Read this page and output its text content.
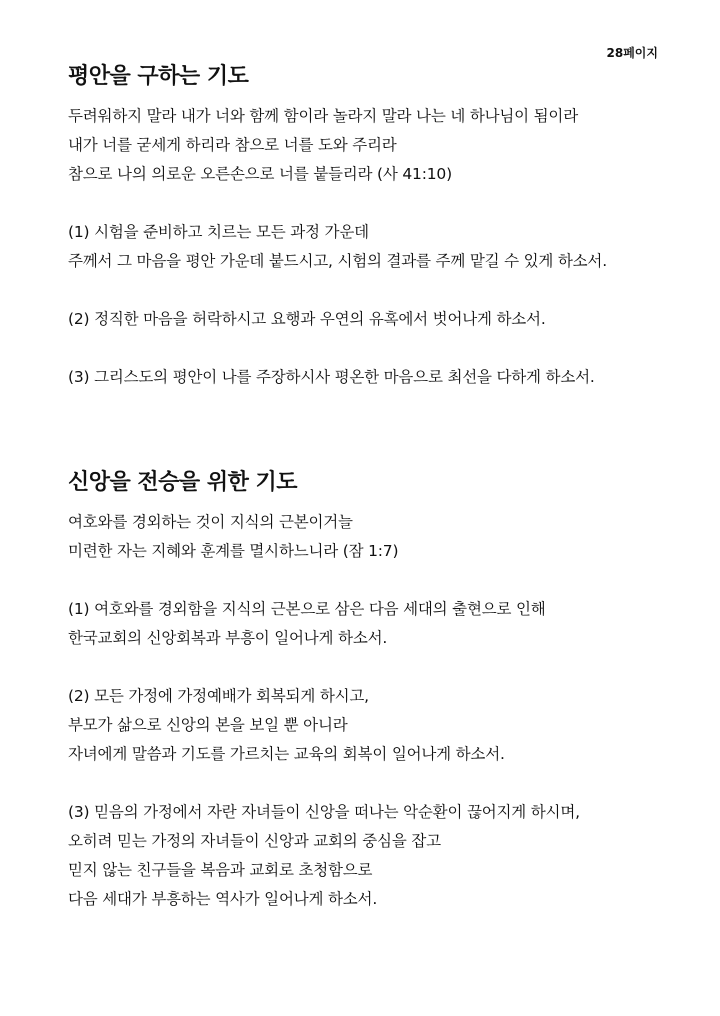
28페이지
평안을 구하는 기도

두려워하지 말라 내가 너와 함께 함이라 놀라지 말라 나는 네 하나님이 됨이라

내가 너를 굳세게 하리라 참으로 너를 도와 주리라

참으로 나의 의로운 오른손으로 너를 붙들리라 (사 41:10)

(1) 시험을 준비하고 치르는 모든 과정 가운데

주께서 그 마음을 평안 가운데 붙드시고, 시험의 결과를 주께 맡길 수 있게 하소서.

(2) 정직한 마음을 허락하시고 요행과 우연의 유혹에서 벗어나게 하소서.

(3) 그리스도의 평안이 나를 주장하시사 평온한 마음으로 최선을 다하게 하소서.

신앙을 전승을 위한 기도

여호와를 경외하는 것이 지식의 근본이거늘

미련한 자는 지혜와 훈계를 멸시하느니라 (잠 1:7)

(1) 여호와를 경외함을 지식의 근본으로 삼은 다음 세대의 출현으로 인해

한국교회의 신앙회복과 부흥이 일어나게 하소서.

(2) 모든 가정에 가정예배가 회복되게 하시고,

부모가 삶으로 신앙의 본을 보일 뿐 아니라

자녀에게 말씀과 기도를 가르치는 교육의 회복이 일어나게 하소서.

(3) 믿음의 가정에서 자란 자녀들이 신앙을 떠나는 악순환이 끊어지게 하시며,

오히려 믿는 가정의 자녀들이 신앙과 교회의 중심을 잡고

믿지 않는 친구들을 복음과 교회로 초청함으로

다음 세대가 부흥하는 역사가 일어나게 하소서.
